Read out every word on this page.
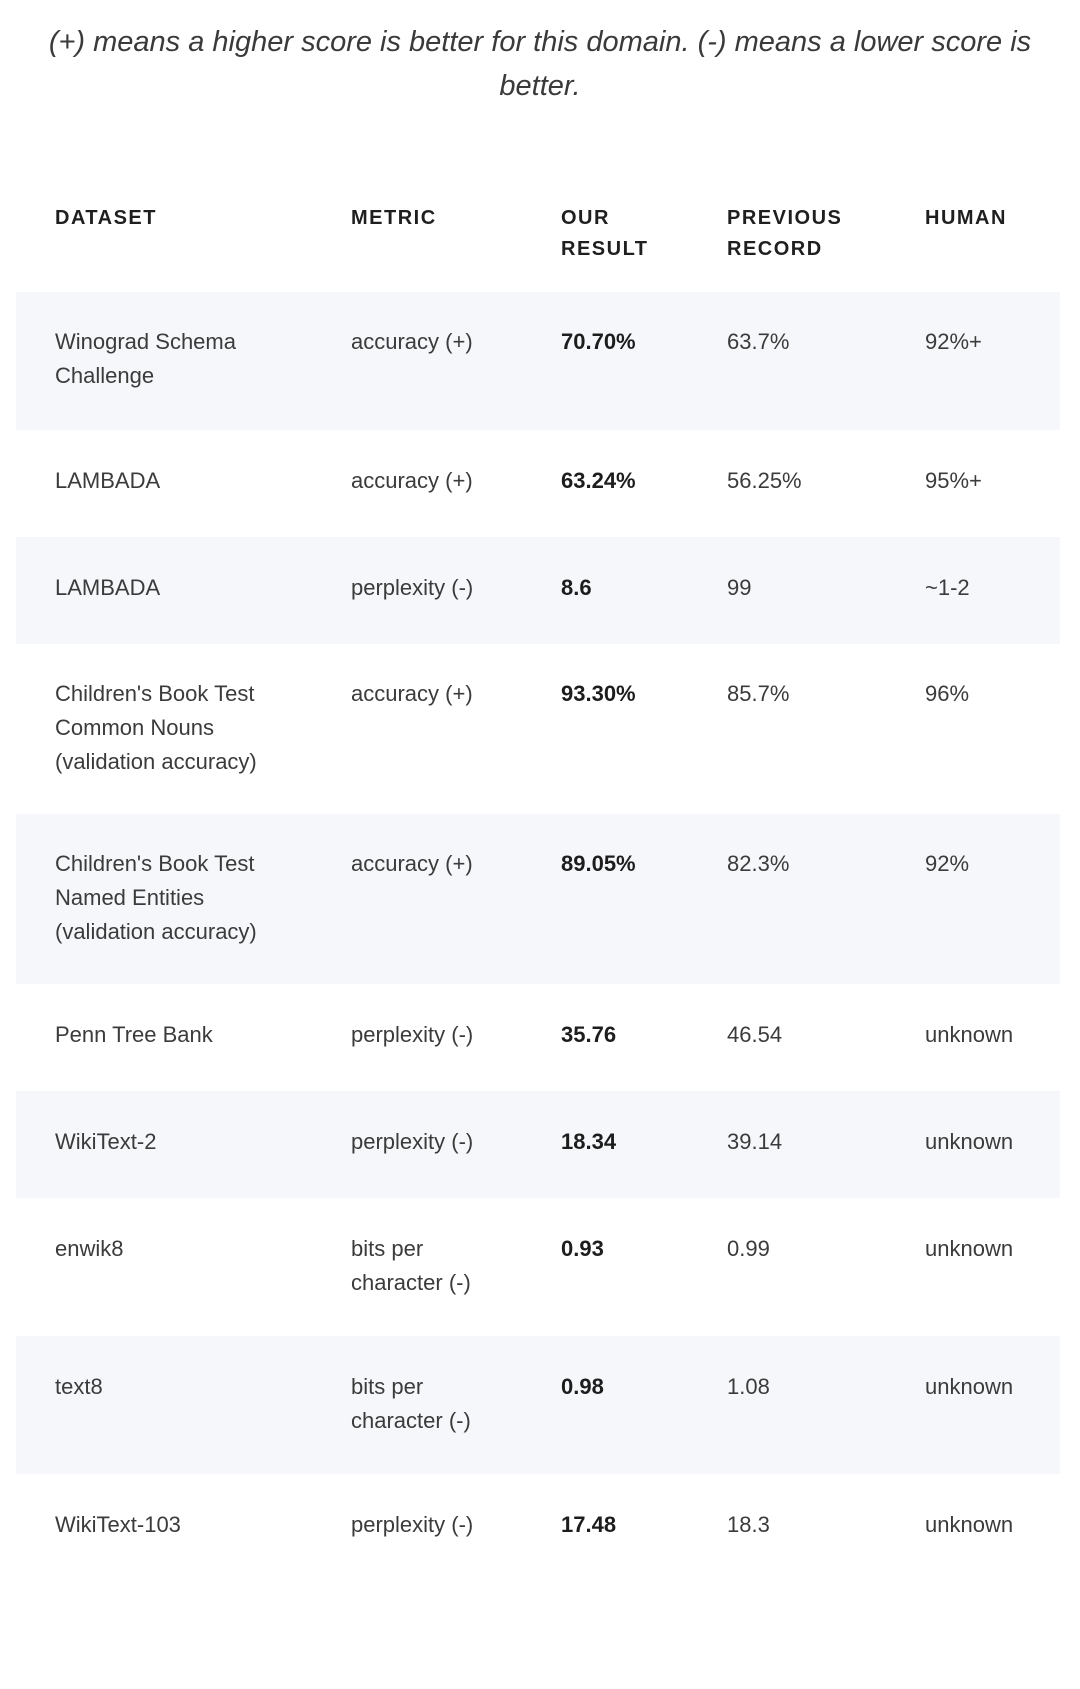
(+) means a higher score is better for this domain. (-) means a lower score is better.

DATASET	METRIC	OUR RESULT	PREVIOUS RECORD	HUMAN
Winograd Schema Challenge	accuracy (+)	70.70%	63.7%	92%+
LAMBADA	accuracy (+)	63.24%	56.25%	95%+
LAMBADA	perplexity (-)	8.6	99	~1-2
Children's Book Test Common Nouns (validation accuracy)	accuracy (+)	93.30%	85.7%	96%
Children's Book Test Named Entities (validation accuracy)	accuracy (+)	89.05%	82.3%	92%
Penn Tree Bank	perplexity (-)	35.76	46.54	unknown
WikiText-2	perplexity (-)	18.34	39.14	unknown
enwik8	bits per character (-)	0.93	0.99	unknown
text8	bits per character (-)	0.98	1.08	unknown
WikiText-103	perplexity (-)	17.48	18.3	unknown
